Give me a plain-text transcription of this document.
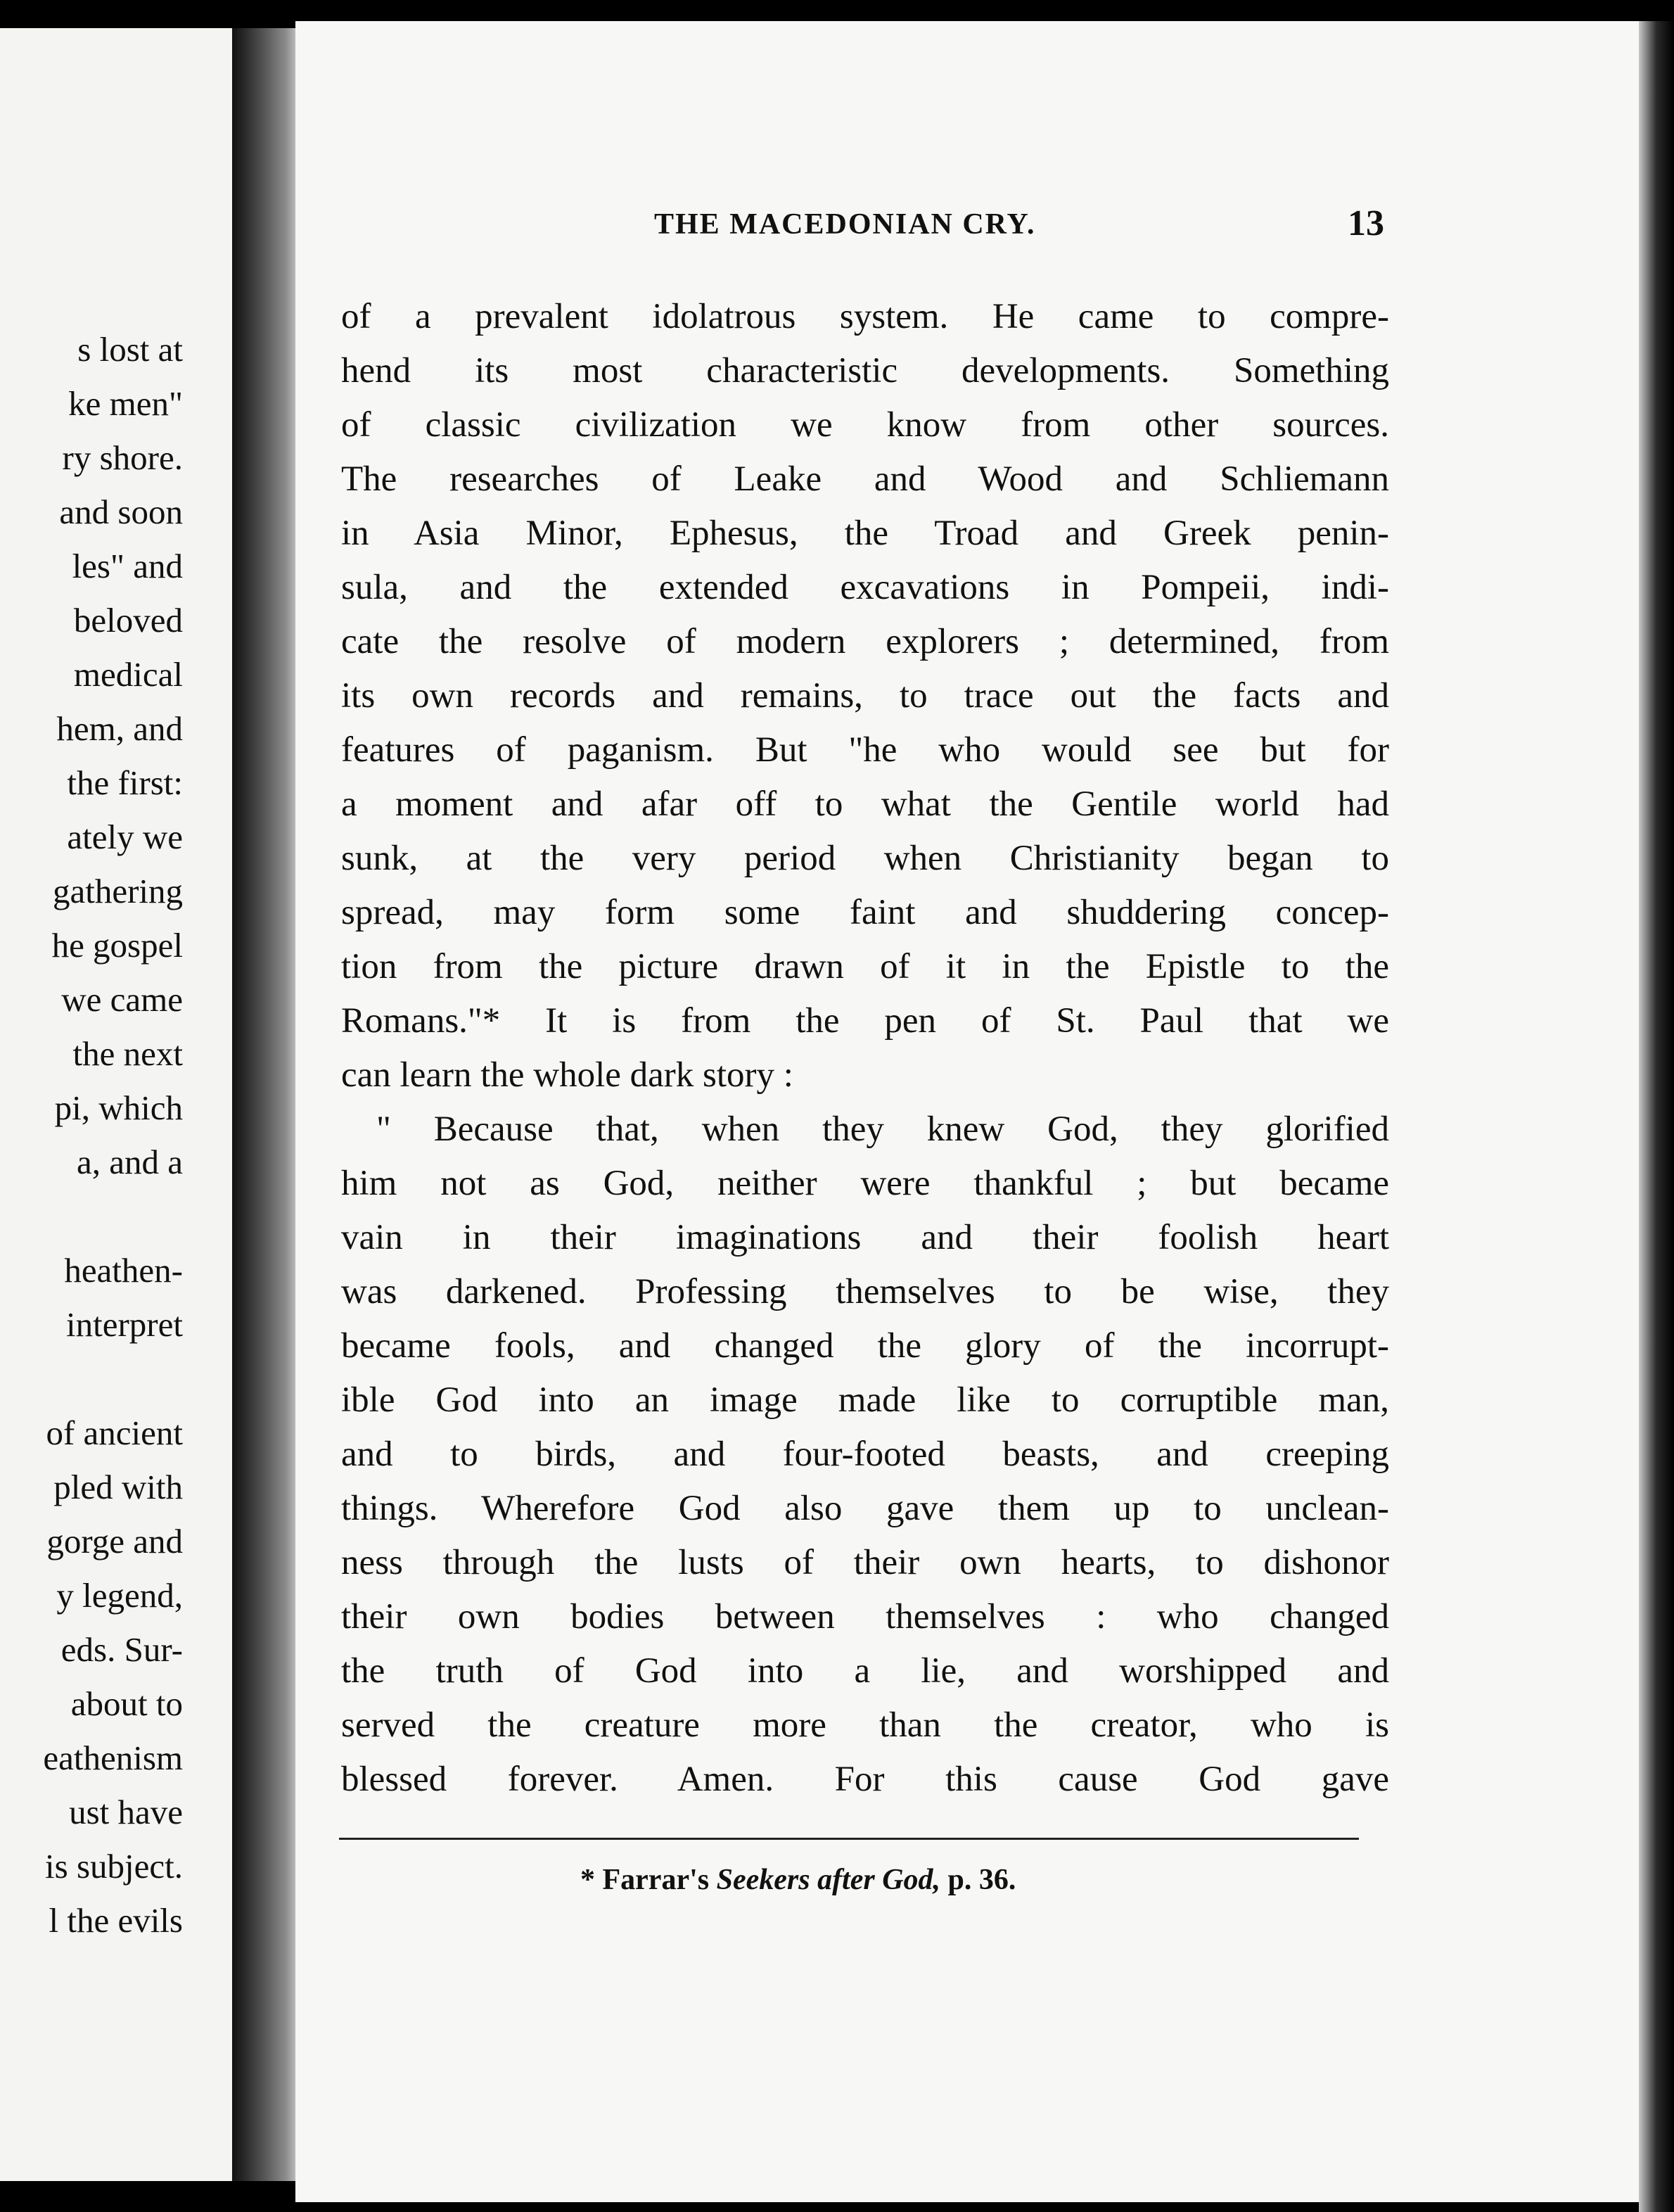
s lost at
ke men"
ry shore.
and soon
les" and
beloved
medical
hem, and
the first:
ately we
gathering
he gospel
we came
the next
pi, which
a, and a
heathen-
interpret
of ancient
pled with
gorge and
y legend,
eds. Sur-
about to
eathenism
ust have
is subject.
l the evils
THE MACEDONIAN CRY.	13
of a prevalent idolatrous system. He came to compre-
hend its most characteristic developments. Something
of classic civilization we know from other sources.
The researches of Leake and Wood and Schliemann
in Asia Minor, Ephesus, the Troad and Greek penin-
sula, and the extended excavations in Pompeii, indi-
cate the resolve of modern explorers ; determined, from
its own records and remains, to trace out the facts and
features of paganism. But "he who would see but for
a moment and afar off to what the Gentile world had
sunk, at the very period when Christianity began to
spread, may form some faint and shuddering concep-
tion from the picture drawn of it in the Epistle to the
Romans."* It is from the pen of St. Paul that we
can learn the whole dark story :
" Because that, when they knew God, they glorified
him not as God, neither were thankful ; but became
vain in their imaginations and their foolish heart
was darkened. Professing themselves to be wise, they
became fools, and changed the glory of the incorrupt-
ible God into an image made like to corruptible man,
and to birds, and four-footed beasts, and creeping
things. Wherefore God also gave them up to unclean-
ness through the lusts of their own hearts, to dishonor
their own bodies between themselves : who changed
the truth of God into a lie, and worshipped and
served the creature more than the creator, who is
blessed forever. Amen. For this cause God gave
* Farrar's Seekers after God, p. 36.
